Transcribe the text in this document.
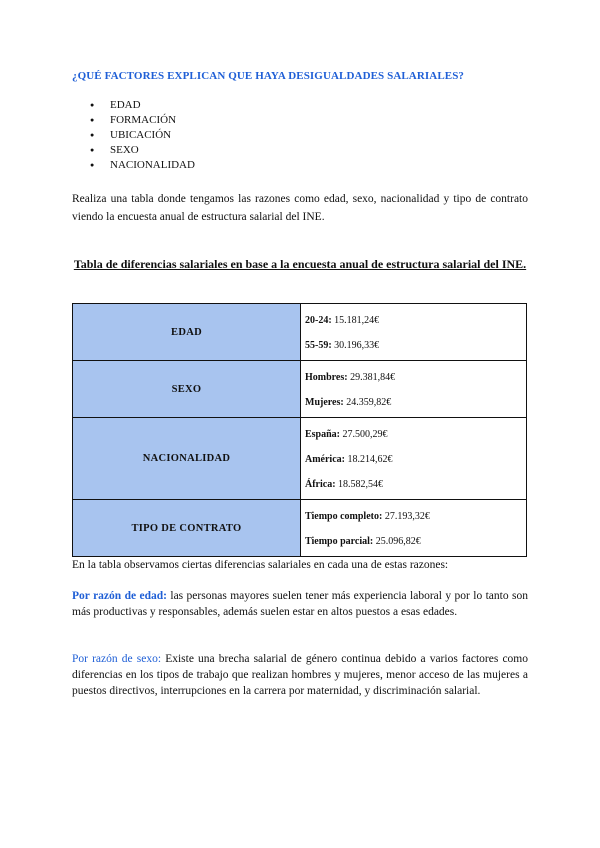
¿QUÉ FACTORES EXPLICAN QUE HAYA DESIGUALDADES SALARIALES?
● EDAD
● FORMACIÓN
● UBICACIÓN
● SEXO
● NACIONALIDAD
Realiza una tabla donde tengamos las razones como edad, sexo, nacionalidad y tipo de contrato viendo la encuesta anual de estructura salarial del INE.
Tabla de diferencias salariales en base a la encuesta anual de estructura salarial del INE.
EDAD	20-24: 15.181,24€
55-59: 30.196,33€

SEXO	Hombres: 29.381,84€
Mujeres: 24.359,82€

NACIONALIDAD	España: 27.500,29€
América: 18.214,62€
África: 18.582,54€

TIPO DE CONTRATO	Tiempo completo: 27.193,32€
Tiempo parcial: 25.096,82€
En la tabla observamos ciertas diferencias salariales en cada una de estas razones:
Por razón de edad: las personas mayores suelen tener más experiencia laboral y por lo tanto son más productivas y responsables, además suelen estar en altos puestos a esas edades.
Por razón de sexo: Existe una brecha salarial de género continua debido a varios factores como diferencias en los tipos de trabajo que realizan hombres y mujeres, menor acceso de las mujeres a puestos directivos, interrupciones en la carrera por maternidad, y discriminación salarial.
